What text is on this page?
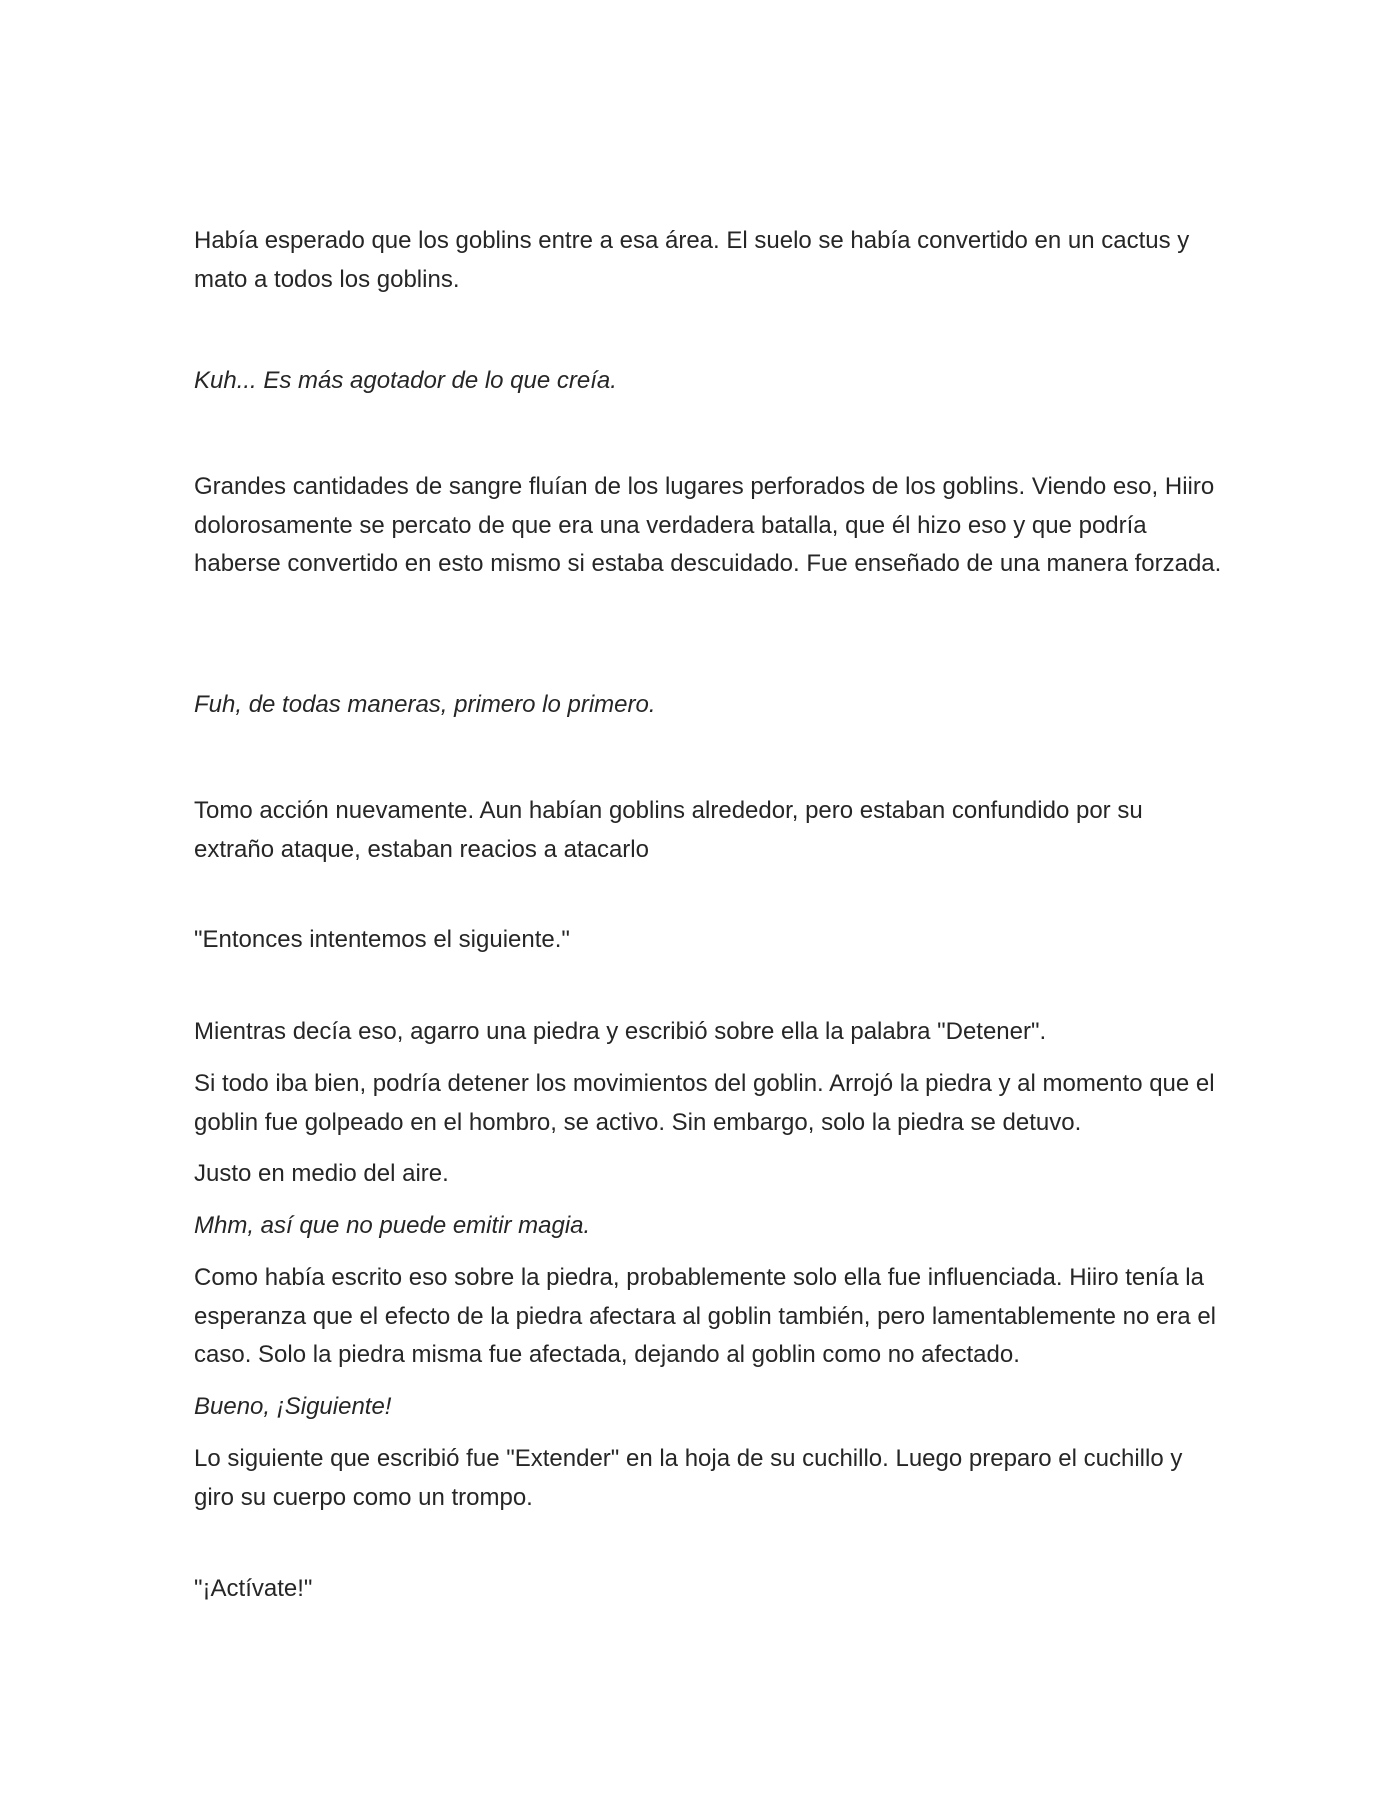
Había esperado que los goblins entre a esa área. El suelo se había convertido en un cactus y mato a todos los goblins.

Kuh... Es más agotador de lo que creía.

Grandes cantidades de sangre fluían de los lugares perforados de los goblins. Viendo eso, Hiiro dolorosamente se percato de que era una verdadera batalla, que él hizo eso y que podría haberse convertido en esto mismo si estaba descuidado. Fue enseñado de una manera forzada.

Fuh, de todas maneras, primero lo primero.

Tomo acción nuevamente. Aun habían goblins alrededor, pero estaban confundido por su extraño ataque, estaban reacios a atacarlo

"Entonces intentemos el siguiente."

Mientras decía eso, agarro una piedra y escribió sobre ella la palabra "Detener".

Si todo iba bien, podría detener los movimientos del goblin. Arrojó la piedra y al momento que el goblin fue golpeado en el hombro, se activo. Sin embargo, solo la piedra se detuvo.

Justo en medio del aire.

Mhm, así que no puede emitir magia.

Como había escrito eso sobre la piedra, probablemente solo ella fue influenciada. Hiiro tenía la esperanza que el efecto de la piedra afectara al goblin también, pero lamentablemente no era el caso. Solo la piedra misma fue afectada, dejando al goblin como no afectado.

Bueno, ¡Siguiente!

Lo siguiente que escribió fue "Extender" en la hoja de su cuchillo. Luego preparo el cuchillo y giro su cuerpo como un trompo.

"¡Actívate!"
